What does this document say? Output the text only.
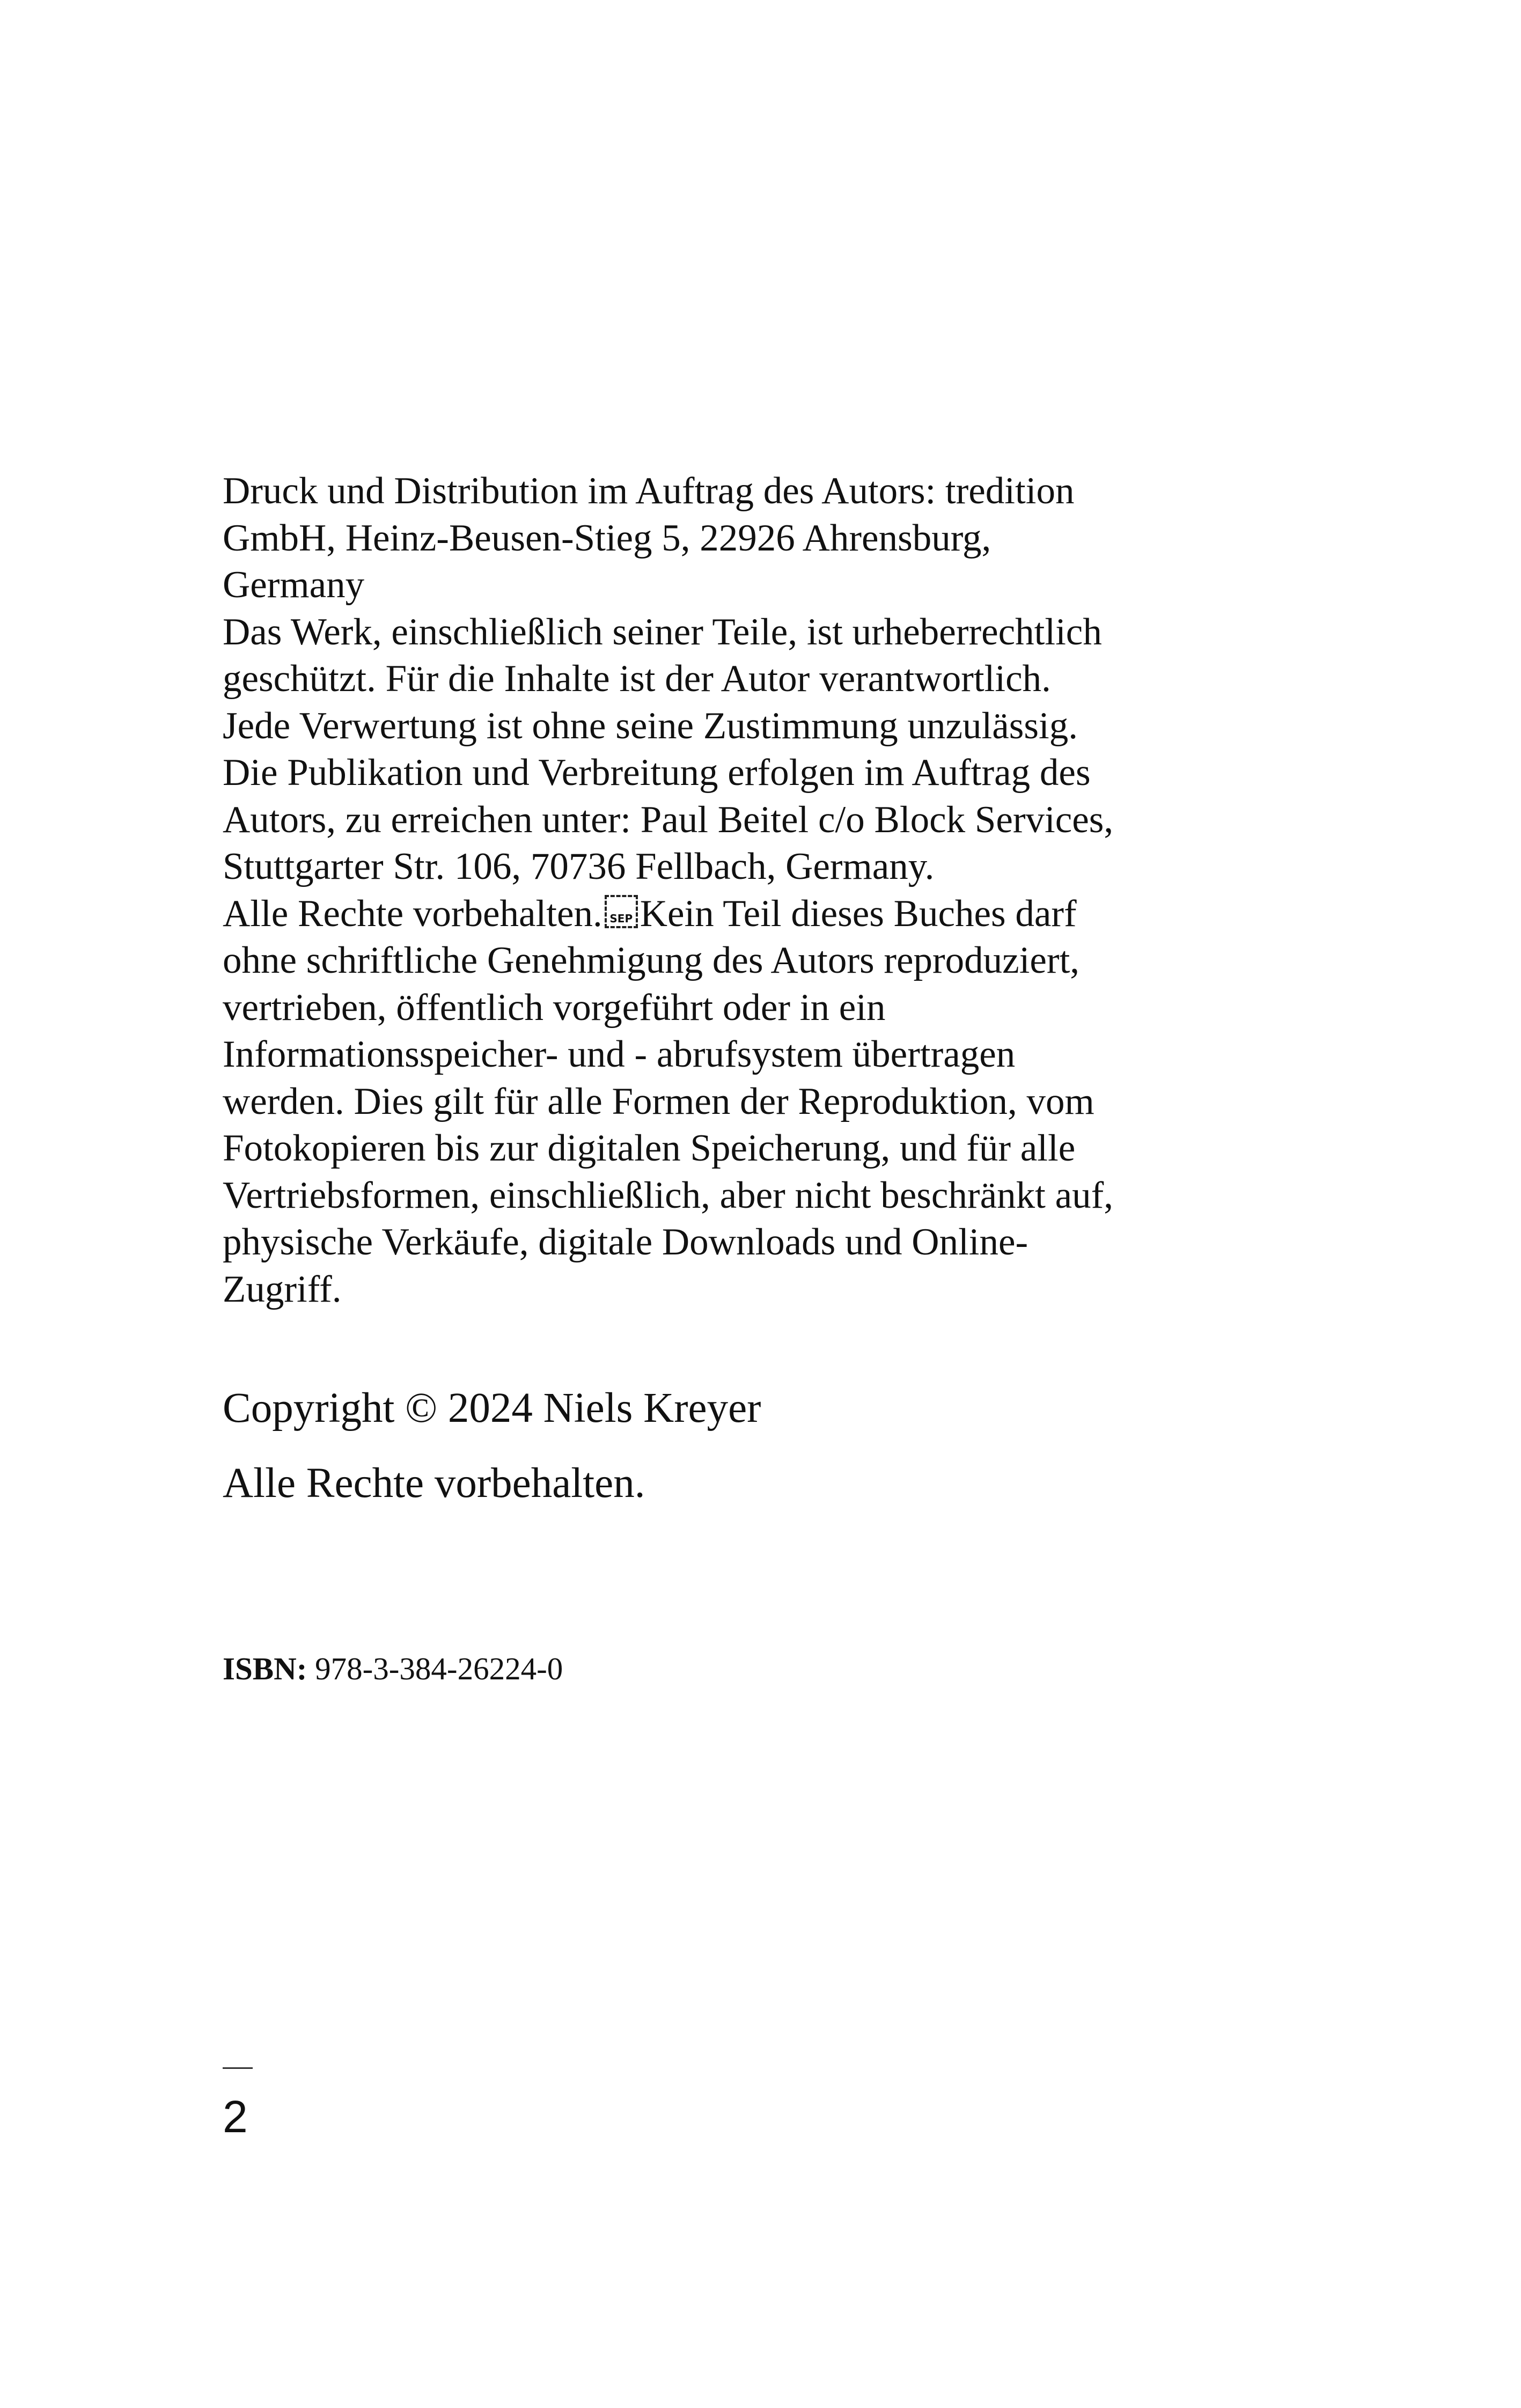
Druck und Distribution im Auftrag des Autors: tredition
GmbH, Heinz-Beusen-Stieg 5, 22926 Ahrensburg,
Germany
Das Werk, einschließlich seiner Teile, ist urheberrechtlich
geschützt. Für die Inhalte ist der Autor verantwortlich.
Jede Verwertung ist ohne seine Zustimmung unzulässig.
Die Publikation und Verbreitung erfolgen im Auftrag des
Autors, zu erreichen unter: Paul Beitel c/o Block Services,
Stuttgarter Str. 106, 70736 Fellbach, Germany.
Alle Rechte vorbehalten. SEP Kein Teil dieses Buches darf
ohne schriftliche Genehmigung des Autors reproduziert,
vertrieben, öffentlich vorgeführt oder in ein
Informationsspeicher- und - abrufsystem übertragen
werden. Dies gilt für alle Formen der Reproduktion, vom
Fotokopieren bis zur digitalen Speicherung, und für alle
Vertriebsformen, einschließlich, aber nicht beschränkt auf,
physische Verkäufe, digitale Downloads und Online-
Zugriff.
Copyright © 2024 Niels Kreyer
Alle Rechte vorbehalten.
ISBN: 978-3-384-26224-0
2
